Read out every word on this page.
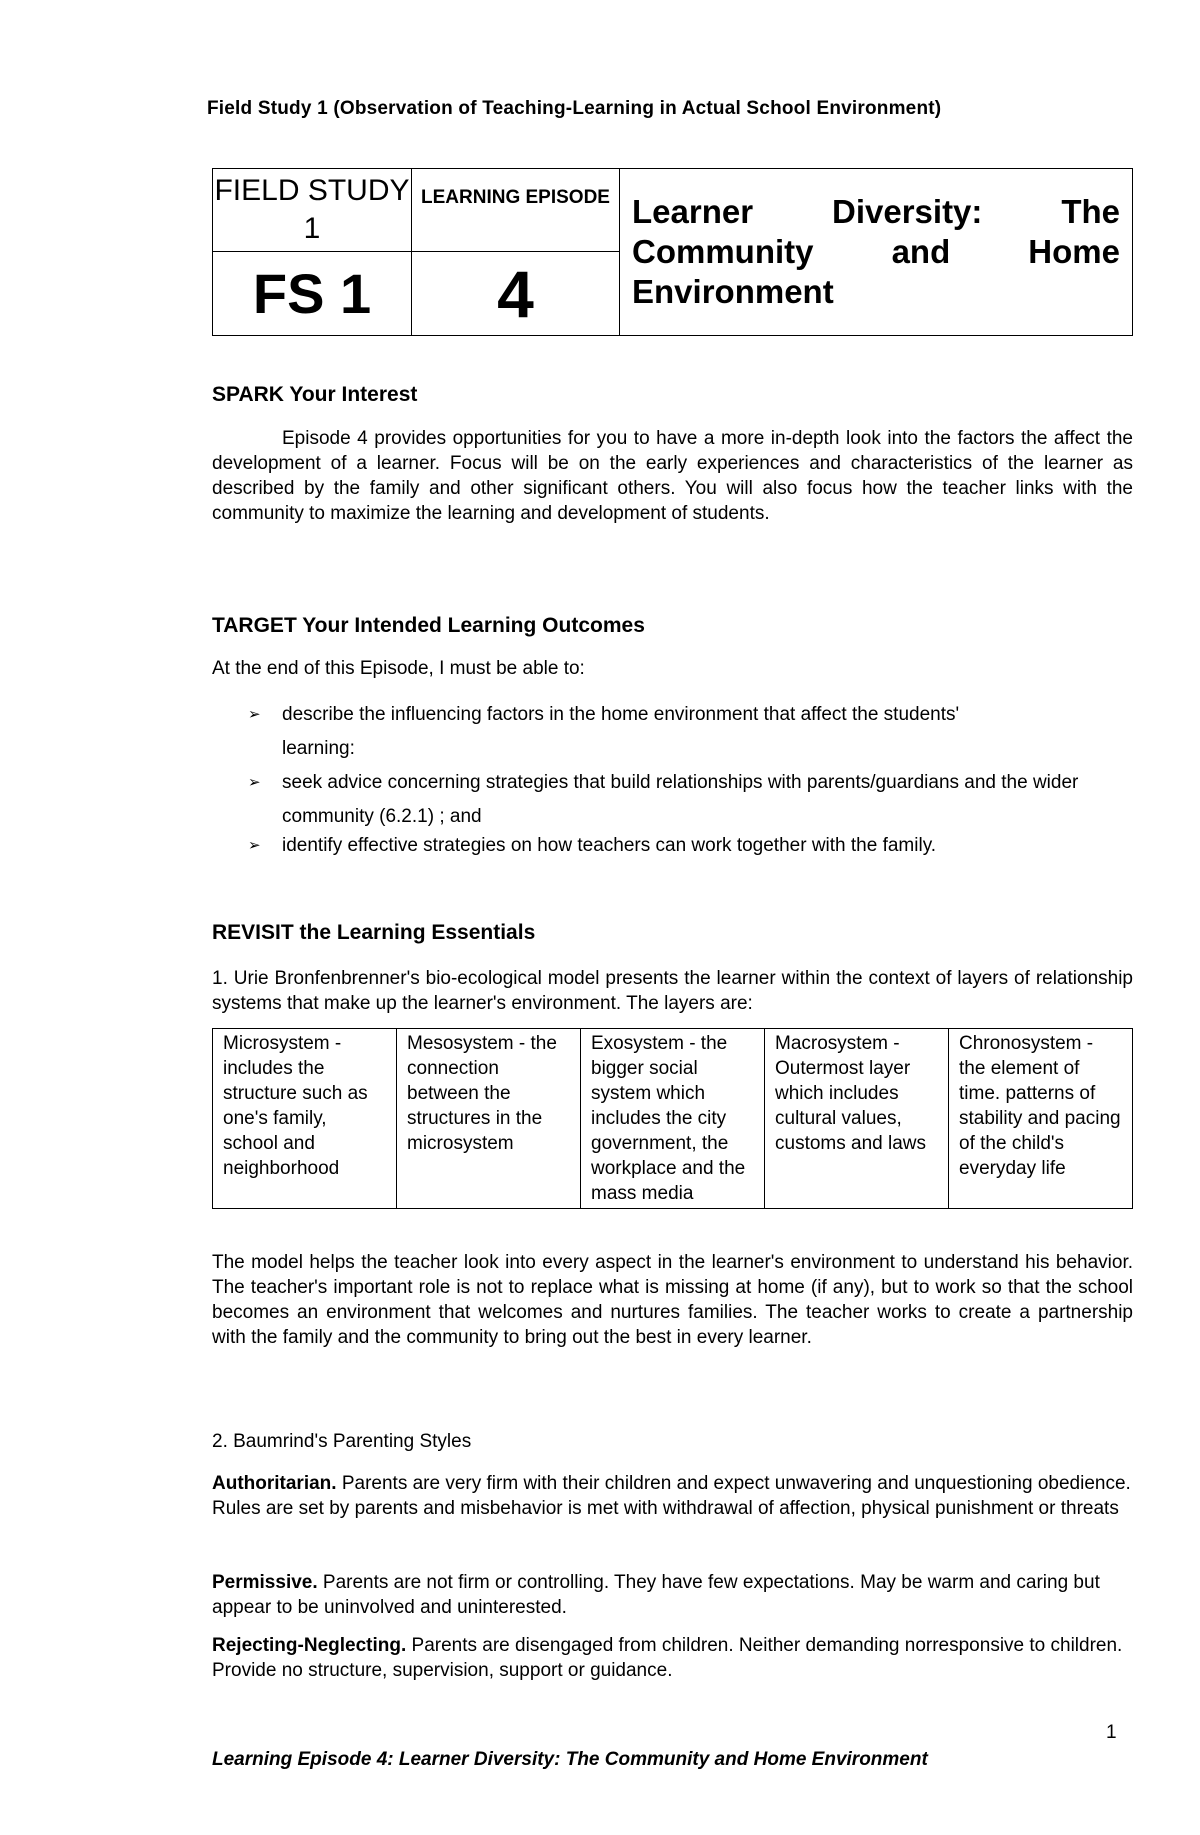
Field Study 1 (Observation of Teaching-Learning in Actual School Environment)
FIELD STUDY 1	LEARNING EPISODE	Learner Diversity: The Community and Home Environment
FS 1	4	
SPARK Your Interest
Episode 4 provides opportunities for you to have a more in-depth look into the factors the affect the development of a learner. Focus will be on the early experiences and characteristics of the learner as described by the family and other significant others. You will also focus how the teacher links with the community to maximize the learning and development of students.
TARGET Your Intended Learning Outcomes
At the end of this Episode, I must be able to:
➢ describe the influencing factors in the home environment that affect the students' learning:
➢ seek advice concerning strategies that build relationships with parents/guardians and the wider community (6.2.1) ; and
➢ identify effective strategies on how teachers can work together with the family.
REVISIT the Learning Essentials
1. Urie Bronfenbrenner's bio-ecological model presents the learner within the context of layers of relationship systems that make up the learner's environment. The layers are:
Microsystem - includes the structure such as one's family, school and neighborhood	Mesosystem - the connection between the structures in the microsystem	Exosystem - the bigger social system which includes the city government, the workplace and the mass media	Macrosystem - Outermost layer which includes cultural values, customs and laws	Chronosystem - the element of time. patterns of stability and pacing of the child's everyday life
The model helps the teacher look into every aspect in the learner's environment to understand his behavior. The teacher's important role is not to replace what is missing at home (if any), but to work so that the school becomes an environment that welcomes and nurtures families. The teacher works to create a partnership with the family and the community to bring out the best in every learner.
2. Baumrind's Parenting Styles
Authoritarian. Parents are very firm with their children and expect unwavering and unquestioning obedience. Rules are set by parents and misbehavior is met with withdrawal of affection, physical punishment or threats
Permissive. Parents are not firm or controlling. They have few expectations. May be warm and caring but appear to be uninvolved and uninterested.
Rejecting-Neglecting. Parents are disengaged from children. Neither demanding norresponsive to children. Provide no structure, supervision, support or guidance.
1
Learning Episode 4: Learner Diversity: The Community and Home Environment
